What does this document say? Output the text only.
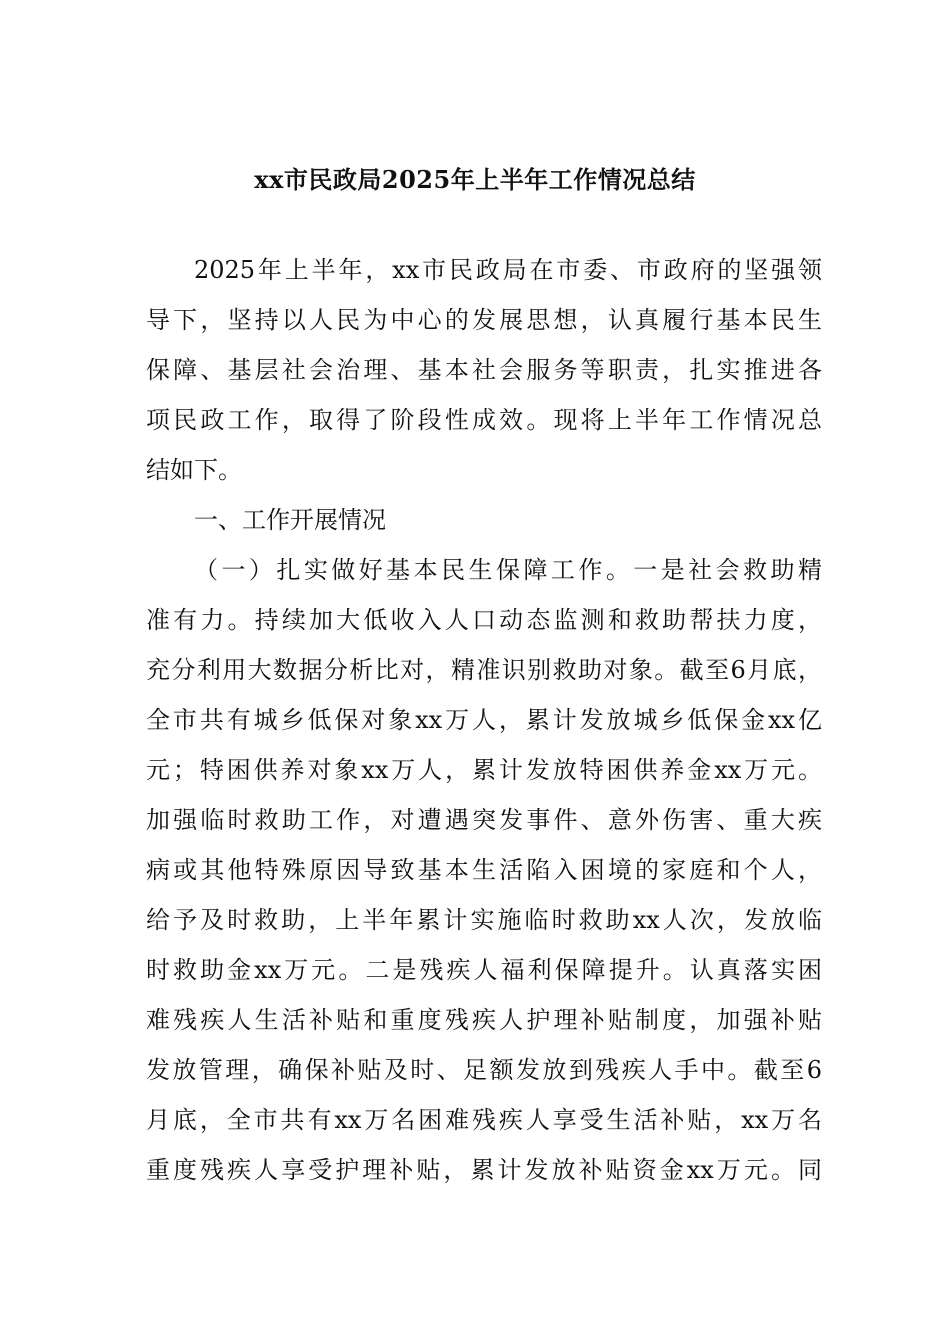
xx市民政局2025年上半年工作情况总结
2025年上半年，xx市民政局在市委、市政府的坚强领
导下，坚持以人民为中心的发展思想，认真履行基本民生
保障、基层社会治理、基本社会服务等职责，扎实推进各
项民政工作，取得了阶段性成效。现将上半年工作情况总
结如下。
一、工作开展情况
（一）扎实做好基本民生保障工作。一是社会救助精
准有力。持续加大低收入人口动态监测和救助帮扶力度，
充分利用大数据分析比对，精准识别救助对象。截至6月底，
全市共有城乡低保对象xx万人，累计发放城乡低保金xx亿
元；特困供养对象xx万人，累计发放特困供养金xx万元。
加强临时救助工作，对遭遇突发事件、意外伤害、重大疾
病或其他特殊原因导致基本生活陷入困境的家庭和个人，
给予及时救助，上半年累计实施临时救助xx人次，发放临
时救助金xx万元。二是残疾人福利保障提升。认真落实困
难残疾人生活补贴和重度残疾人护理补贴制度，加强补贴
发放管理，确保补贴及时、足额发放到残疾人手中。截至6
月底，全市共有xx万名困难残疾人享受生活补贴，xx万名
重度残疾人享受护理补贴，累计发放补贴资金xx万元。同
